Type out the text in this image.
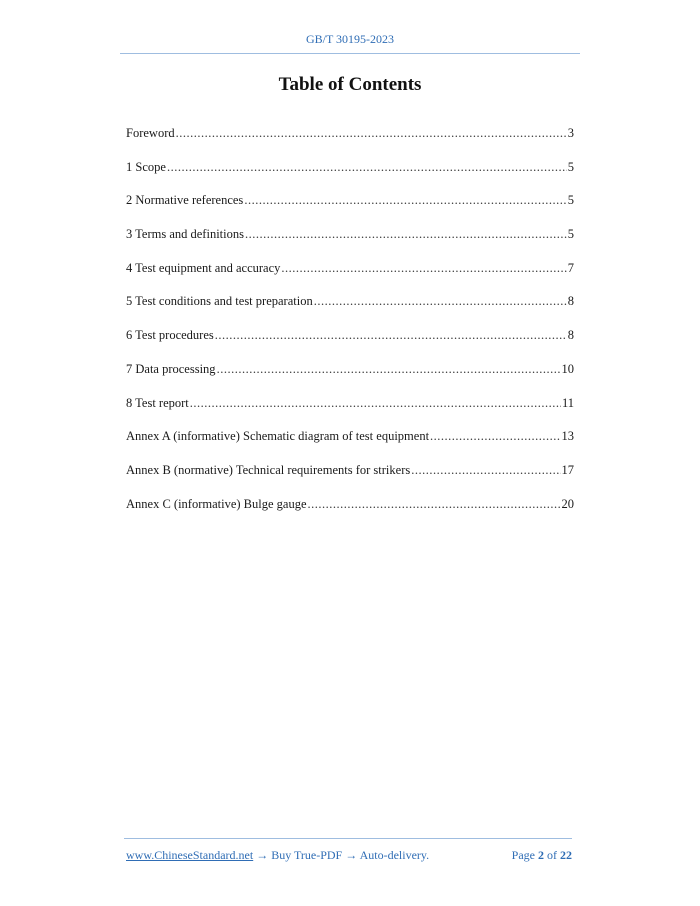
GB/T 30195-2023
Table of Contents
Foreword .....	3
1 Scope .....	5
2 Normative references .....	5
3 Terms and definitions .....	5
4 Test equipment and accuracy .....	7
5 Test conditions and test preparation .....	8
6 Test procedures .....	8
7 Data processing .....	10
8 Test report .....	11
Annex A (informative) Schematic diagram of test equipment .....	13
Annex B (normative) Technical requirements for strikers .....	17
Annex C (informative) Bulge gauge .....	20
www.ChineseStandard.net → Buy True-PDF → Auto-delivery.	Page 2 of 22
